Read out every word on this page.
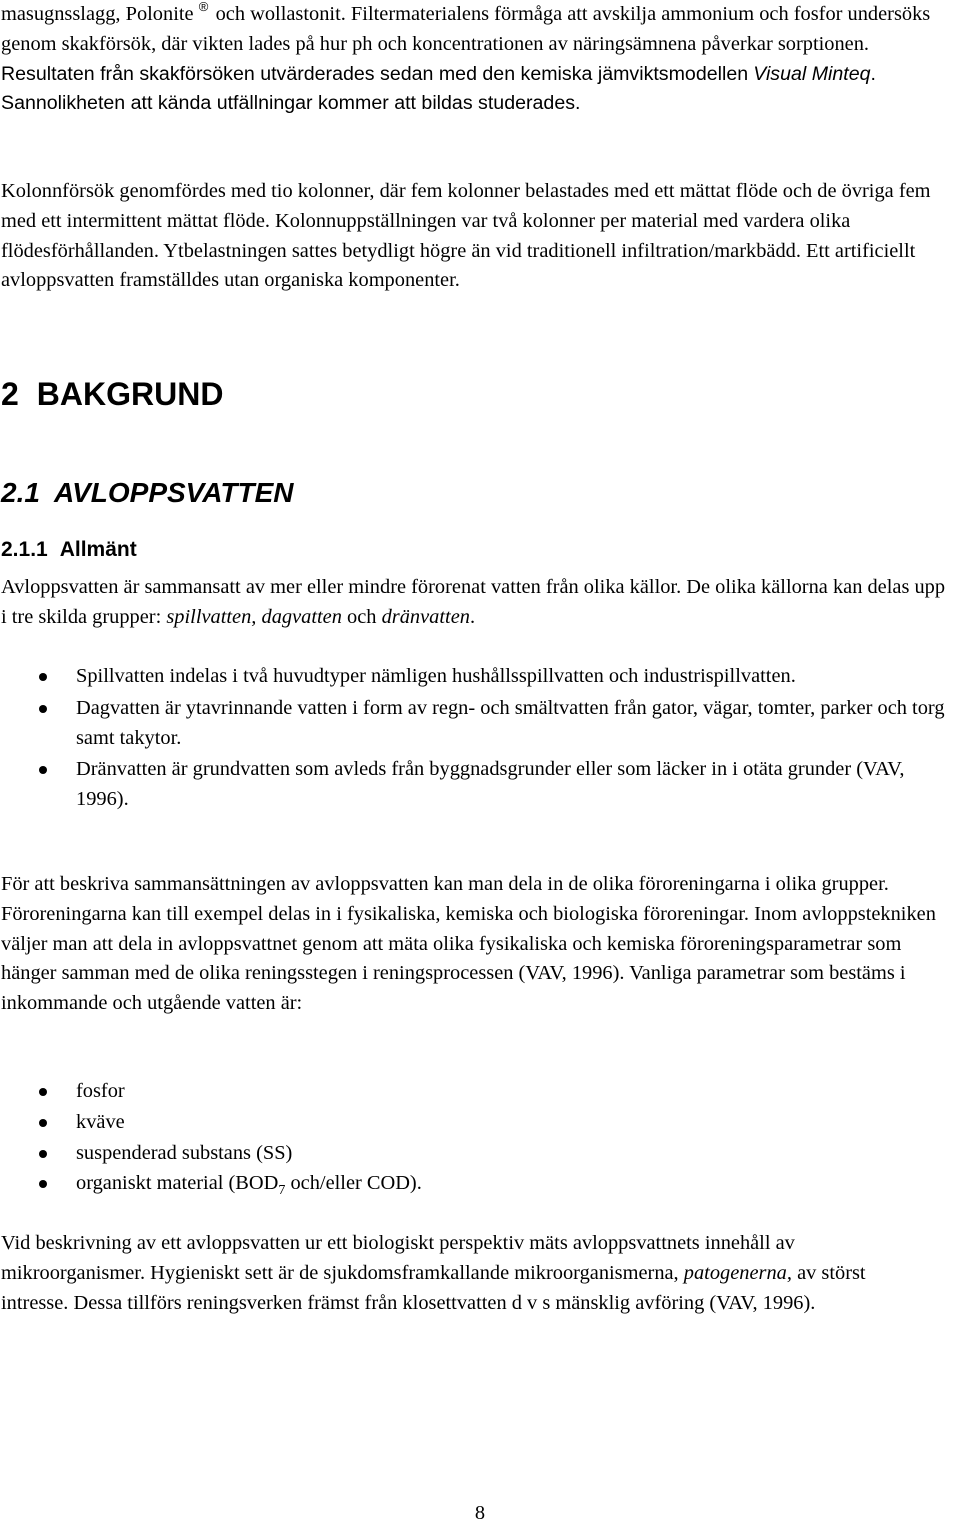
masugnsslagg, Polonite ® och wollastonit. Filtermaterialens förmåga att avskilja ammonium och fosfor undersöks genom skakförsök, där vikten lades på hur ph och koncentrationen av näringsämnena påverkar sorptionen. Resultaten från skakförsöken utvärderades sedan med den kemiska jämviktsmodellen Visual Minteq. Sannolikheten att kända utfällningar kommer att bildas studerades.

Kolonnförsök genomfördes med tio kolonner, där fem kolonner belastades med ett mättat flöde och de övriga fem med ett intermittent mättat flöde. Kolonnuppställningen var två kolonner per material med vardera olika flödesförhållanden. Ytbelastningen sattes betydligt högre än vid traditionell infiltration/markbädd. Ett artificiellt avloppsvatten framställdes utan organiska komponenter.

2 BAKGRUND
2.1 AVLOPPSVATTEN
2.1.1 Allmänt

Avloppsvatten är sammansatt av mer eller mindre förorenat vatten från olika källor. De olika källorna kan delas upp i tre skilda grupper: spillvatten, dagvatten och dränvatten.

Spillvatten indelas i två huvudtyper nämligen hushållsspillvatten och industrispillvatten.
Dagvatten är ytavrinnande vatten i form av regn- och smältvatten från gator, vägar, tomter, parker och torg samt takytor.
Dränvatten är grundvatten som avleds från byggnadsgrunder eller som läcker in i otäta grunder (VAV, 1996).

För att beskriva sammansättningen av avloppsvatten kan man dela in de olika föroreningarna i olika grupper. Föroreningarna kan till exempel delas in i fysikaliska, kemiska och biologiska föroreningar. Inom avloppstekniken väljer man att dela in avloppsvattnet genom att mäta olika fysikaliska och kemiska föroreningsparametrar som hänger samman med de olika reningsstegen i reningsprocessen (VAV, 1996). Vanliga parametrar som bestäms i inkommande och utgående vatten är:

fosfor
kväve
suspenderad substans (SS)
organiskt material ($BOD_7$ och/eller COD).

Vid beskrivning av ett avloppsvatten ur ett biologiskt perspektiv mäts avloppsvattnets innehåll av mikroorganismer. Hygieniskt sett är de sjukdomsframkallande mikroorganismerna, patogenerna, av störst intresse. Dessa tillförs reningsverken främst från klosettvatten d v s mänsklig avföring (VAV, 1996).

8
